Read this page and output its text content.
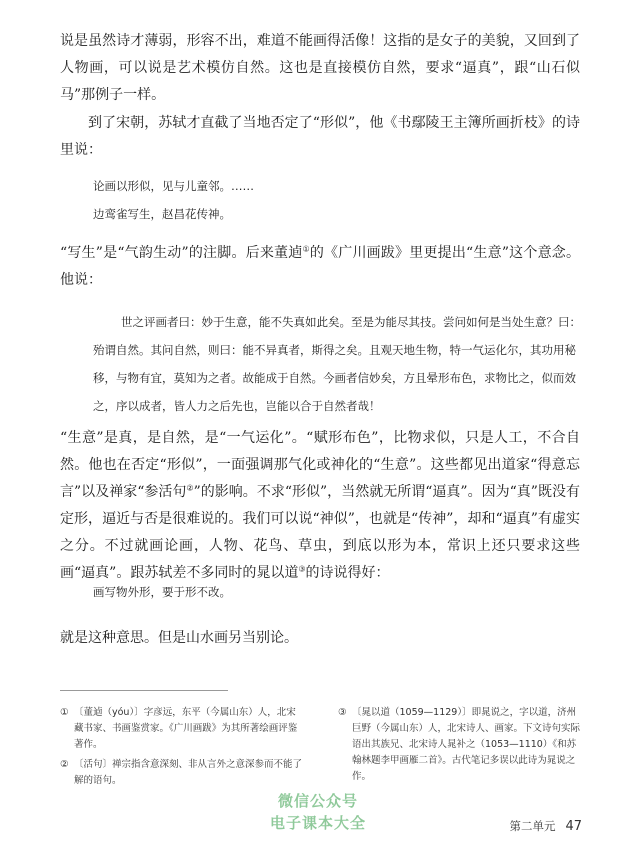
说是虽然诗才薄弱，形容不出，难道不能画得活像！这指的是女子的美貌，又回到了人物画，可以说是艺术模仿自然。这也是直接模仿自然，要求“逼真”，跟“山石似马”那例子一样。

到了宋朝，苏轼才直截了当地否定了“形似”，他《书鄢陵王主簿所画折枝》的诗里说：

论画以形似，见与儿童邻。……
边鸾雀写生，赵昌花传神。

“写生”是“气韵生动”的注脚。后来董逌①的《广川画跋》里更提出“生意”这个意念。他说：

世之评画者曰：妙于生意，能不失真如此矣。至是为能尽其技。尝问如何是当处生意？曰：殆谓自然。其问自然，则曰：能不异真者，斯得之矣。且观天地生物，特一气运化尔，其功用秘移，与物有宜，莫知为之者。故能成于自然。今画者信妙矣，方且晕形布色，求物比之，似而效之，序以成者，皆人力之后先也，岂能以合于自然者哉！

“生意”是真，是自然，是“一气运化”。“赋形布色”，比物求似，只是人工，不合自然。他也在否定“形似”，一面强调那气化或神化的“生意”。这些都见出道家“得意忘言”以及禅家“参活句②”的影响。不求“形似”，当然就无所谓“逼真”。因为“真”既没有定形，逼近与否是很难说的。我们可以说“神似”，也就是“传神”，却和“逼真”有虚实之分。不过就画论画，人物、花鸟、草虫，到底以形为本，常识上还只要求这些画“逼真”。跟苏轼差不多同时的晁以道③的诗说得好：

画写物外形，要于形不改。

就是这种意思。但是山水画另当别论。

① 〔董逌（yóu）〕字彦远，东平（今属山东）人，北宋藏书家、书画鉴赏家。《广川画跋》为其所著绘画评鉴著作。

② 〔活句〕禅宗指含意深刻、非从言外之意深参而不能了解的语句。

③ 〔晁以道（1059—1129）〕即晁说之，字以道，济州巨野（今属山东）人，北宋诗人、画家。下文诗句实际语出其族兄、北宋诗人晁补之（1053—1110）《和苏翰林题李甲画雁二首》。古代笔记多误以此诗为晁说之作。

微信公众号
电子课本大全	第二单元 47
